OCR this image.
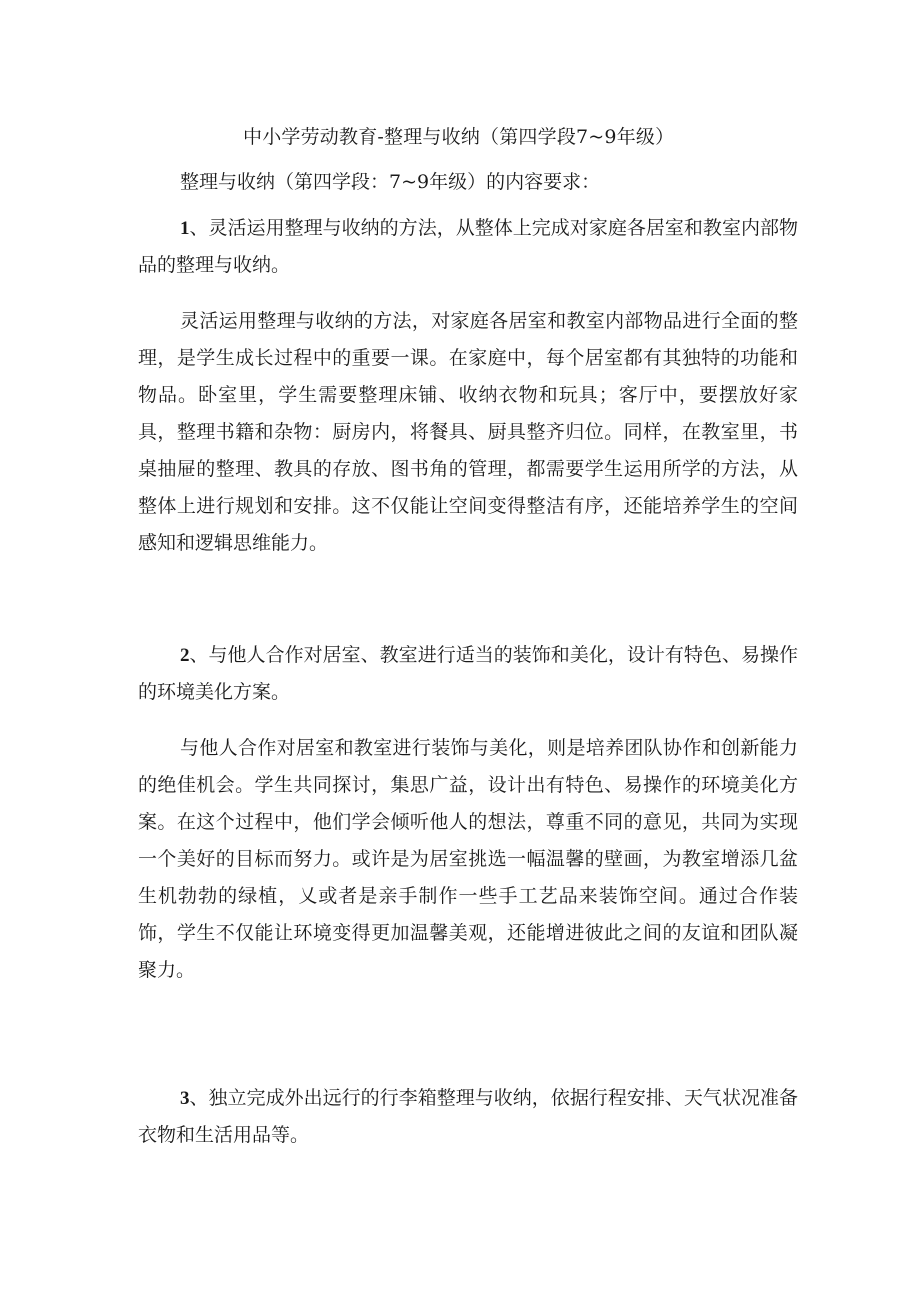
中小学劳动教育-整理与收纳（第四学段7~9年级）
整理与收纳（第四学段：7~9年级）的内容要求：

1、灵活运用整理与收纳的方法，从整体上完成对家庭各居室和教室内部物品的整理与收纳。

灵活运用整理与收纳的方法，对家庭各居室和教室内部物品进行全面的整理，是学生成长过程中的重要一课。在家庭中，每个居室都有其独特的功能和物品。卧室里，学生需要整理床铺、收纳衣物和玩具；客厅中，要摆放好家具，整理书籍和杂物：厨房内，将餐具、厨具整齐归位。同样，在教室里，书桌抽屉的整理、教具的存放、图书角的管理，都需要学生运用所学的方法，从整体上进行规划和安排。这不仅能让空间变得整洁有序，还能培养学生的空间感知和逻辑思维能力。

2、与他人合作对居室、教室进行适当的装饰和美化，设计有特色、易操作的环境美化方案。

与他人合作对居室和教室进行装饰与美化，则是培养团队协作和创新能力的绝佳机会。学生共同探讨，集思广益，设计出有特色、易操作的环境美化方案。在这个过程中，他们学会倾听他人的想法，尊重不同的意见，共同为实现一个美好的目标而努力。或许是为居室挑选一幅温馨的壁画，为教室增添几盆生机勃勃的绿植，乂或者是亲手制作一些手工艺品来装饰空间。通过合作装饰，学生不仅能让环境变得更加温馨美观，还能增进彼此之间的友谊和团队凝聚力。

3、独立完成外出远行的行李箱整理与收纳，依据行程安排、天气状况准备衣物和生活用品等。
